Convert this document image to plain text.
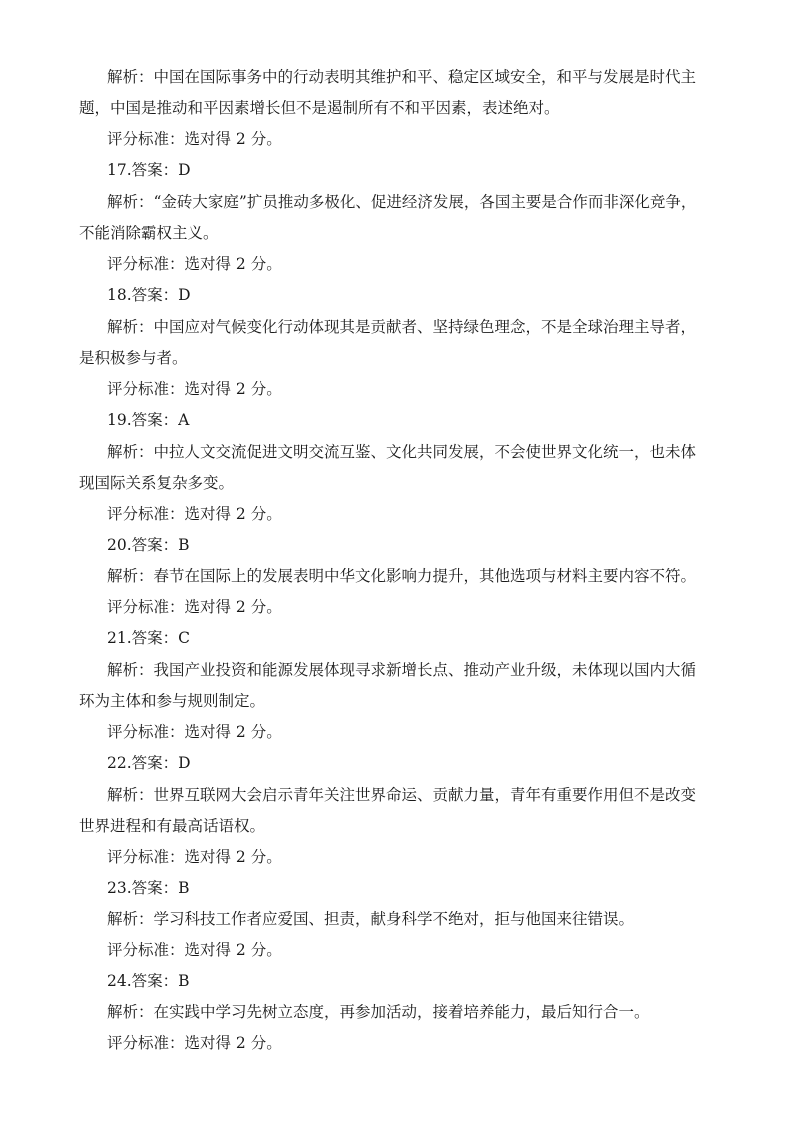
解析：中国在国际事务中的行动表明其维护和平、稳定区域安全，和平与发展是时代主
题，中国是推动和平因素增长但不是遏制所有不和平因素，表述绝对。
评分标准：选对得 2 分。
17.答案：D
解析：“金砖大家庭”扩员推动多极化、促进经济发展，各国主要是合作而非深化竞争，
不能消除霸权主义。
评分标准：选对得 2 分。
18.答案：D
解析：中国应对气候变化行动体现其是贡献者、坚持绿色理念，不是全球治理主导者，
是积极参与者。
评分标准：选对得 2 分。
19.答案：A
解析：中拉人文交流促进文明交流互鉴、文化共同发展，不会使世界文化统一，也未体
现国际关系复杂多变。
评分标准：选对得 2 分。
20.答案：B
解析：春节在国际上的发展表明中华文化影响力提升，其他选项与材料主要内容不符。
评分标准：选对得 2 分。
21.答案：C
解析：我国产业投资和能源发展体现寻求新增长点、推动产业升级，未体现以国内大循
环为主体和参与规则制定。
评分标准：选对得 2 分。
22.答案：D
解析：世界互联网大会启示青年关注世界命运、贡献力量，青年有重要作用但不是改变
世界进程和有最高话语权。
评分标准：选对得 2 分。
23.答案：B
解析：学习科技工作者应爱国、担责，献身科学不绝对，拒与他国来往错误。
评分标准：选对得 2 分。
24.答案：B
解析：在实践中学习先树立态度，再参加活动，接着培养能力，最后知行合一。
评分标准：选对得 2 分。
